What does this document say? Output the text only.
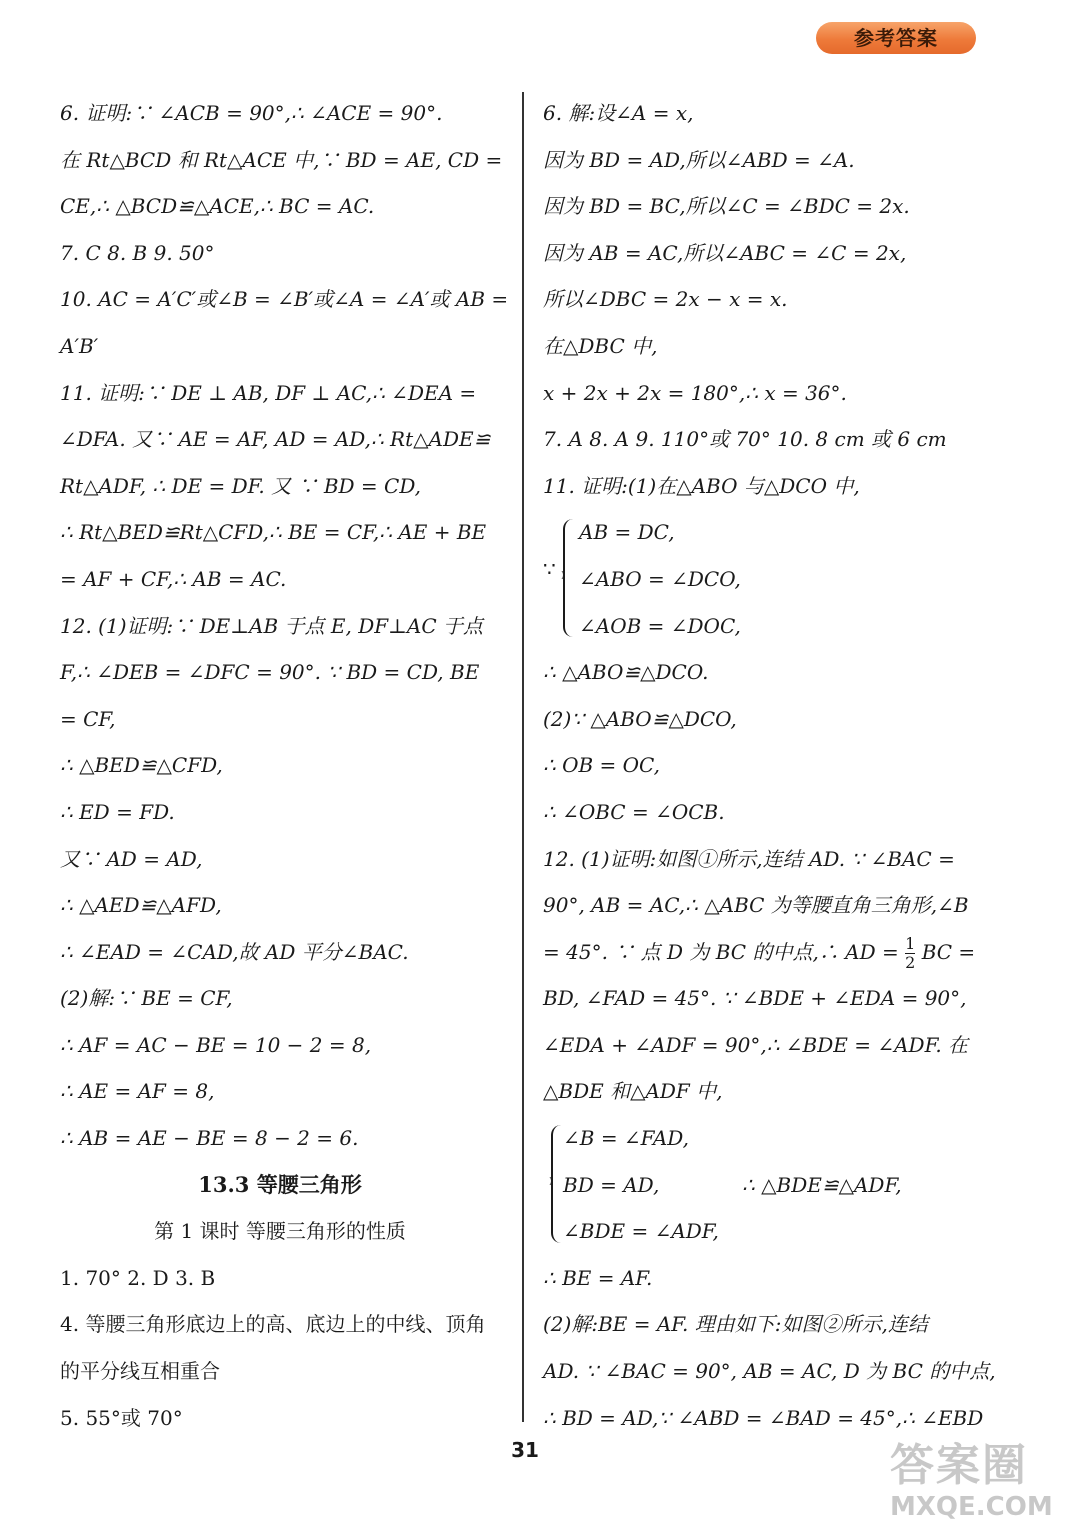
参考答案
6. 证明:∵ ∠ACB = 90°,∴ ∠ACE = 90°.
在 Rt△BCD 和 Rt△ACE 中,∵ BD = AE, CD =
CE,∴ △BCD≌△ACE,∴ BC = AC.
7. C 8. B 9. 50°
10. AC = A′C′或∠B = ∠B′或∠A = ∠A′或 AB =
A′B′
11. 证明:∵ DE ⊥ AB, DF ⊥ AC,∴ ∠DEA =
∠DFA. 又∵ AE = AF, AD = AD,∴ Rt△ADE≌
Rt△ADF, ∴ DE = DF. 又 ∵ BD = CD,
∴ Rt△BED≌Rt△CFD,∴ BE = CF,∴ AE + BE
= AF + CF,∴ AB = AC.
12. (1)证明:∵ DE⊥AB 于点 E, DF⊥AC 于点
F,∴ ∠DEB = ∠DFC = 90°. ∵ BD = CD, BE
= CF,
∴ △BED≌△CFD,
∴ ED = FD.
又∵ AD = AD,
∴ △AED≌△AFD,
∴ ∠EAD = ∠CAD,故 AD 平分∠BAC.
(2)解:∵ BE = CF,
∴ AF = AC − BE = 10 − 2 = 8,
∴ AE = AF = 8,
∴ AB = AE − BE = 8 − 2 = 6.
13.3 等腰三角形
第 1 课时 等腰三角形的性质
1. 70° 2. D 3. B
4. 等腰三角形底边上的高、底边上的中线、顶角
的平分线互相重合
5. 55°或 70°
6. 解:设∠A = x,
因为 BD = AD,所以∠ABD = ∠A.
因为 BD = BC,所以∠C = ∠BDC = 2x.
因为 AB = AC,所以∠ABC = ∠C = 2x,
所以∠DBC = 2x − x = x.
在△DBC 中,
x + 2x + 2x = 180°,∴ x = 36°.
7. A 8. A 9. 110°或 70° 10. 8 cm 或 6 cm
11. 证明:(1)在△ABO 与△DCO 中,
∵
AB = DC,
∠ABO = ∠DCO,
∠AOB = ∠DOC,
∴ △ABO≌△DCO.
(2)∵ △ABO≌△DCO,
∴ OB = OC,
∴ ∠OBC = ∠OCB.
12. (1)证明:如图①所示,连结 AD. ∵ ∠BAC =
90°, AB = AC,∴ △ABC 为等腰直角三角形,∠B
= 45°. ∵ 点 D 为 BC 的中点,∴ AD = $\frac{1}{2}$ BC =
BD, ∠FAD = 45°. ∵ ∠BDE + ∠EDA = 90°,
∠EDA + ∠ADF = 90°,∴ ∠BDE = ∠ADF. 在
△BDE 和△ADF 中,
∠B = ∠FAD,
BD = AD,	∴ △BDE≌△ADF,
∠BDE = ∠ADF,
∴ BE = AF.
(2)解:BE = AF. 理由如下:如图②所示,连结
AD. ∵ ∠BAC = 90°, AB = AC, D 为 BC 的中点,
∴ BD = AD,∵ ∠ABD = ∠BAD = 45°,∴ ∠EBD
31	答案圈
MXQE.COM
